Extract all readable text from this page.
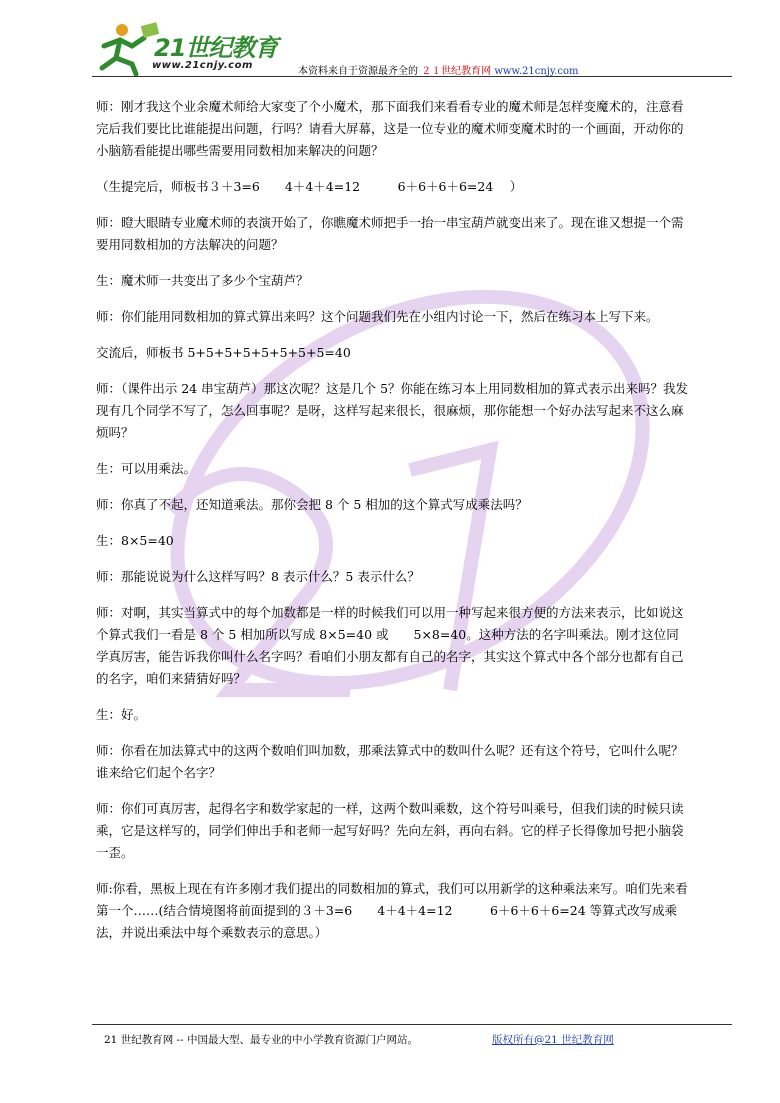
21世纪教育
www.21cnjy.com
本资料来自于资源最齐全的 ２１世纪教育网 www.21cnjy.com

师：刚才我这个业余魔术师给大家变了个小魔术，那下面我们来看看专业的魔术师是怎样变魔术的，注意看完后我们要比比谁能提出问题，行吗？请看大屏幕，这是一位专业的魔术师变魔术时的一个画面，开动你的小脑筋看能提出哪些需要用同数相加来解决的问题？

（生提完后，师板书３＋3=6　　4＋4＋4=12　　　6＋6＋6＋6=24　 ）

师：瞪大眼睛专业魔术师的表演开始了，你瞧魔术师把手一抬一串宝葫芦就变出来了。现在谁又想提一个需要用同数相加的方法解决的问题？

生：魔术师一共变出了多少个宝葫芦？

师：你们能用同数相加的算式算出来吗？这个问题我们先在小组内讨论一下，然后在练习本上写下来。

交流后，师板书 5+5+5+5+5+5+5+5=40

师：（课件出示 24 串宝葫芦）那这次呢？这是几个 5？你能在练习本上用同数相加的算式表示出来吗？我发现有几个同学不写了，怎么回事呢？是呀，这样写起来很长，很麻烦，那你能想一个好办法写起来不这么麻烦吗？

生：可以用乘法。

师：你真了不起，还知道乘法。那你会把 8 个 5 相加的这个算式写成乘法吗？

生：8×5=40

师：那能说说为什么这样写吗？8 表示什么？5 表示什么？

师：对啊，其实当算式中的每个加数都是一样的时候我们可以用一种写起来很方便的方法来表示，比如说这个算式我们一看是 8 个 5 相加所以写成 8×5=40 或　　5×8=40。这种方法的名字叫乘法。刚才这位同学真厉害，能告诉我你叫什么名字吗？看咱们小朋友都有自己的名字，其实这个算式中各个部分也都有自己的名字，咱们来猜猜好吗？

生：好。

师：你看在加法算式中的这两个数咱们叫加数，那乘法算式中的数叫什么呢？还有这个符号，它叫什么呢？谁来给它们起个名字？

师：你们可真厉害，起得名字和数学家起的一样，这两个数叫乘数，这个符号叫乘号，但我们读的时候只读乘，它是这样写的，同学们伸出手和老师一起写好吗？先向左斜，再向右斜。它的样子长得像加号把小脑袋一歪。

师:你看，黑板上现在有许多刚才我们提出的同数相加的算式，我们可以用新学的这种乘法来写。咱们先来看第一个……(结合情境图将前面提到的３＋3=6　　4＋4＋4=12　　　6＋6＋6＋6=24 等算式改写成乘法，并说出乘法中每个乘数表示的意思。）

21 世纪教育网 -- 中国最大型、最专业的中小学教育资源门户网站。	版权所有@21 世纪教育网
